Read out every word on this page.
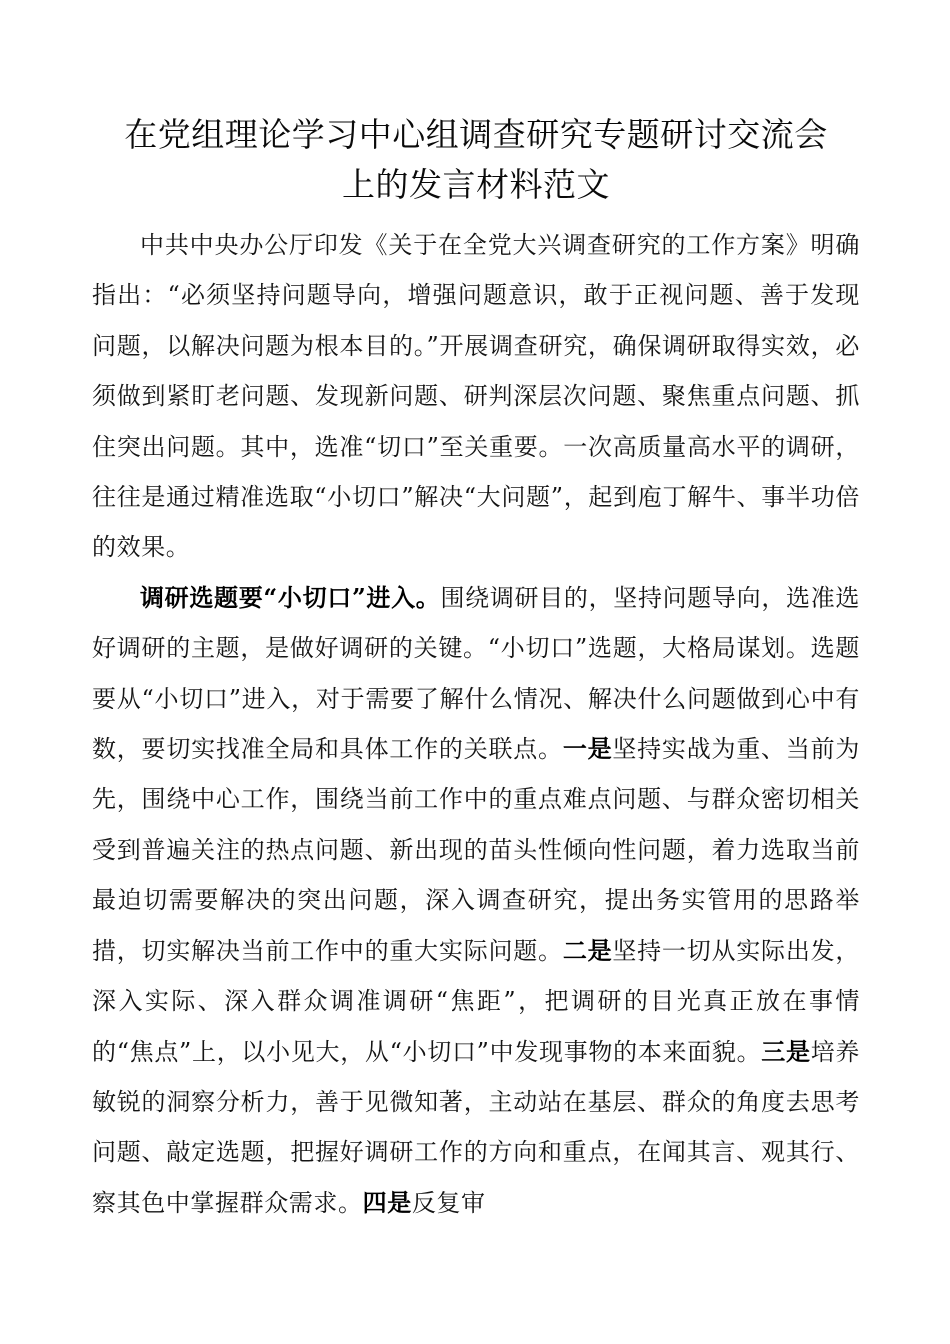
在党组理论学习中心组调查研究专题研讨交流会
上的发言材料范文

中共中央办公厅印发《关于在全党大兴调查研究的工作方案》明确指出：“必须坚持问题导向，增强问题意识，敢于正视问题、善于发现问题，以解决问题为根本目的。”开展调查研究，确保调研取得实效，必须做到紧盯老问题、发现新问题、研判深层次问题、聚焦重点问题、抓住突出问题。其中，选准“切口”至关重要。一次高质量高水平的调研，往往是通过精准选取“小切口”解决“大问题”，起到庖丁解牛、事半功倍的效果。

调研选题要“小切口”进入。围绕调研目的，坚持问题导向，选准选好调研的主题，是做好调研的关键。“小切口”选题，大格局谋划。选题要从“小切口”进入，对于需要了解什么情况、解决什么问题做到心中有数，要切实找准全局和具体工作的关联点。一是坚持实战为重、当前为先，围绕中心工作，围绕当前工作中的重点难点问题、与群众密切相关受到普遍关注的热点问题、新出现的苗头性倾向性问题，着力选取当前最迫切需要解决的突出问题，深入调查研究，提出务实管用的思路举措，切实解决当前工作中的重大实际问题。二是坚持一切从实际出发，深入实际、深入群众调准调研“焦距”，把调研的目光真正放在事情的“焦点”上，以小见大，从“小切口”中发现事物的本来面貌。三是培养敏锐的洞察分析力，善于见微知著，主动站在基层、群众的角度去思考问题、敲定选题，把握好调研工作的方向和重点，在闻其言、观其行、察其色中掌握群众需求。四是反复审
